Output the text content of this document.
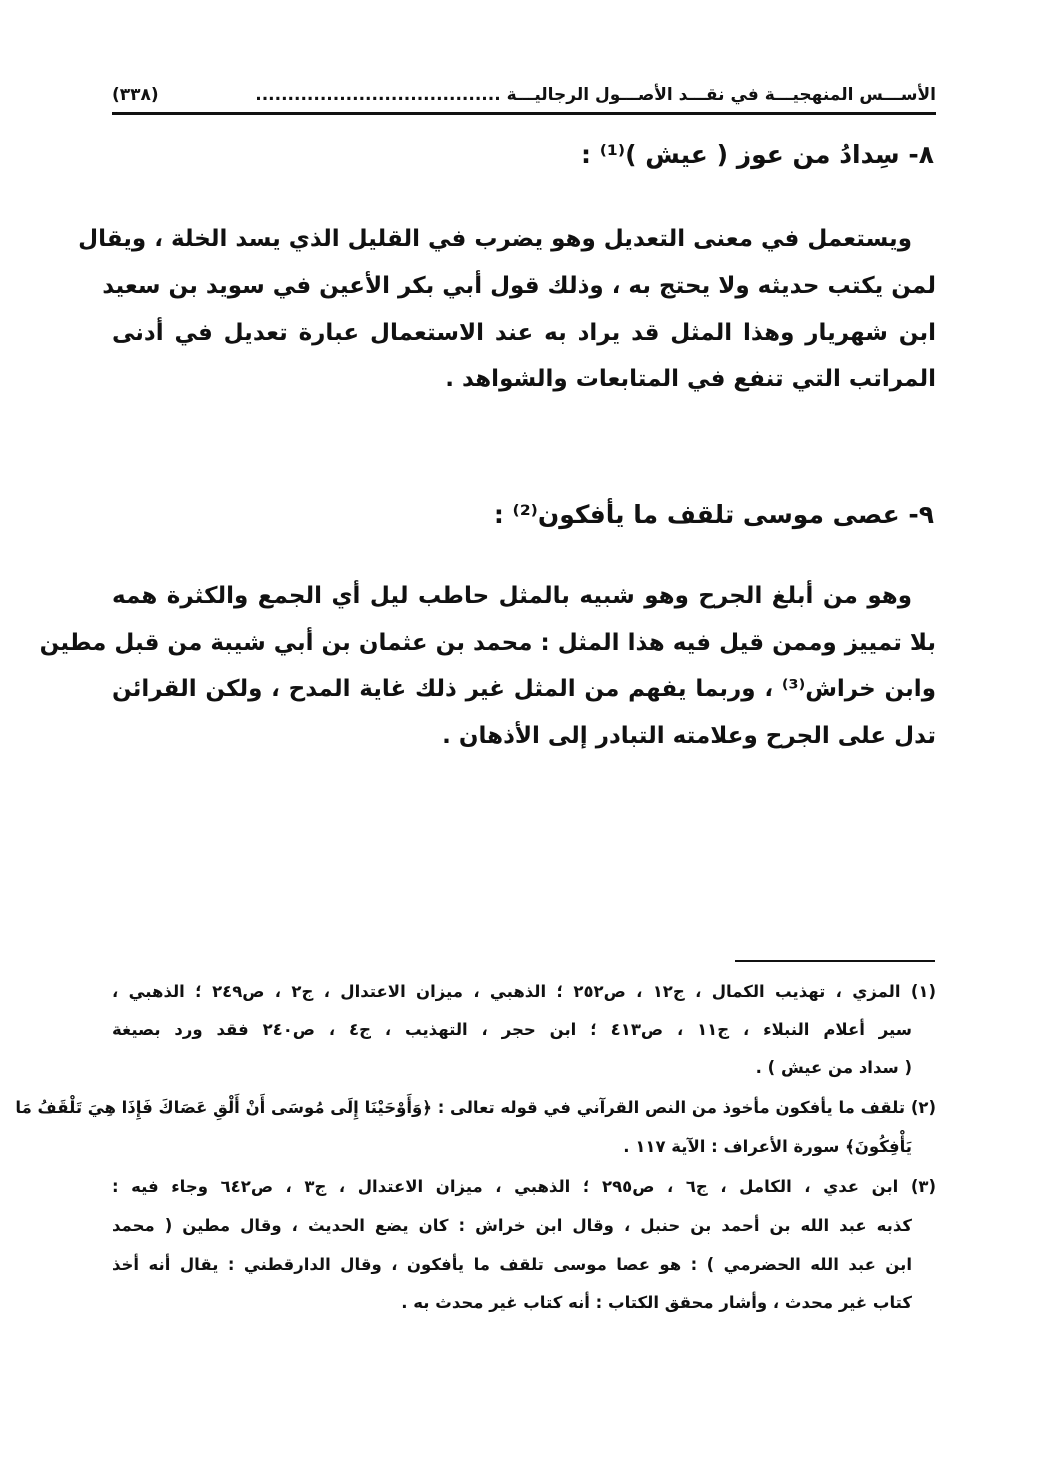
الأســـس المنهجيـــة في نقـــد الأصـــول الرجاليـــة ......................................
(٣٣٨)
٨- سِدادُ من عوز ( عيش )⁽¹⁾ :
ويستعمل في معنى التعديل وهو يضرب في القليل الذي يسد الخلة ، ويقال
لمن يكتب حديثه ولا يحتج به ، وذلك قول أبي بكر الأعين في سويد بن سعيد
ابن شهريار وهذا المثل قد يراد به عند الاستعمال عبارة تعديل في أدنى
المراتب التي تنفع في المتابعات والشواهد .
٩- عصى موسى تلقف ما يأفكون⁽²⁾ :
وهو من أبلغ الجرح وهو شبيه بالمثل حاطب ليل أي الجمع والكثرة همه
بلا تمييز وممن قيل فيه هذا المثل : محمد بن عثمان بن أبي شيبة من قبل مطين
وابن خراش⁽³⁾ ، وربما يفهم من المثل غير ذلك غاية المدح ، ولكن القرائن
تدل على الجرح وعلامته التبادر إلى الأذهان .
(١) المزي ، تهذيب الكمال ، ج١٢ ، ص٢٥٢ ؛ الذهبي ، ميزان الاعتدال ، ج٢ ، ص٢٤٩ ؛ الذهبي ،
سير أعلام النبلاء ، ج١١ ، ص٤١٣ ؛ ابن حجر ، التهذيب ، ج٤ ، ص٢٤٠ فقد ورد بصيغة
( سداد من عيش ) .
(٢) تلقف ما يأفكون مأخوذ من النص القرآني في قوله تعالى : ﴿وَأَوْحَيْنَا إِلَى مُوسَى أَنْ أَلْقِ عَصَاكَ فَإِذَا هِيَ تَلْقَفُ مَا
يَأْفِكُونَ﴾ سورة الأعراف : الآية ١١٧ .
(٣) ابن عدي ، الكامل ، ج٦ ، ص٢٩٥ ؛ الذهبي ، ميزان الاعتدال ، ج٣ ، ص٦٤٢ وجاء فيه :
كذبه عبد الله بن أحمد بن حنبل ، وقال ابن خراش : كان يضع الحديث ، وقال مطين ( محمد
ابن عبد الله الحضرمي ) : هو عصا موسى تلقف ما يأفكون ، وقال الدارقطني : يقال أنه أخذ
كتاب غير محدث ، وأشار محقق الكتاب : أنه كتاب غير محدث به .
